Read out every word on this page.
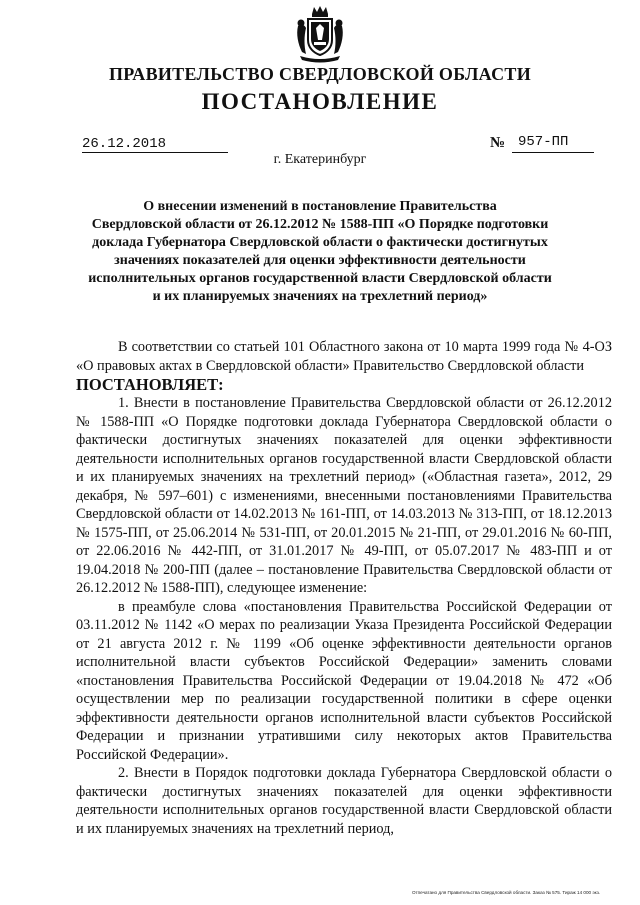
ПРАВИТЕЛЬСТВО СВЕРДЛОВСКОЙ ОБЛАСТИ
ПОСТАНОВЛЕНИЕ
26.12.2018	№ 957-ПП
г. Екатеринбург
О внесении изменений в постановление Правительства
Свердловской области от 26.12.2012 № 1588-ПП «О Порядке подготовки
доклада Губернатора Свердловской области о фактически достигнутых
значениях показателей для оценки эффективности деятельности
исполнительных органов государственной власти Свердловской области
и их планируемых значениях на трехлетний период»

В соответствии со статьей 101 Областного закона от 10 марта 1999 года № 4-ОЗ «О правовых актах в Свердловской области» Правительство Свердловской области

ПОСТАНОВЛЯЕТ:

1. Внести в постановление Правительства Свердловской области от 26.12.2012 № 1588-ПП «О Порядке подготовки доклада Губернатора Свердловской области о фактически достигнутых значениях показателей для оценки эффективности деятельности исполнительных органов государственной власти Свердловской области и их планируемых значениях на трехлетний период» («Областная газета», 2012, 29 декабря, № 597–601) с изменениями, внесенными постановлениями Правительства Свердловской области от 14.02.2013 № 161-ПП, от 14.03.2013 № 313-ПП, от 18.12.2013 № 1575-ПП, от 25.06.2014 № 531-ПП, от 20.01.2015 № 21-ПП, от 29.01.2016 № 60-ПП, от 22.06.2016 № 442-ПП, от 31.01.2017 № 49-ПП, от 05.07.2017 № 483-ПП и от 19.04.2018 № 200-ПП (далее – постановление Правительства Свердловской области от 26.12.2012 № 1588-ПП), следующее изменение:

в преамбуле слова «постановления Правительства Российской Федерации от 03.11.2012 № 1142 «О мерах по реализации Указа Президента Российской Федерации от 21 августа 2012 г. № 1199 «Об оценке эффективности деятельности органов исполнительной власти субъектов Российской Федерации» заменить словами «постановления Правительства Российской Федерации от 19.04.2018 № 472 «Об осуществлении мер по реализации государственной политики в сфере оценки эффективности деятельности органов исполнительной власти субъектов Российской Федерации и признании утратившими силу некоторых актов Правительства Российской Федерации».

2. Внести в Порядок подготовки доклада Губернатора Свердловской области о фактически достигнутых значениях показателей для оценки эффективности деятельности исполнительных органов государственной власти Свердловской области и их планируемых значениях на трехлетний период,

Отпечатано для Правительства Свердловской области. Заказ № 575. Тираж 14 000 экз.
